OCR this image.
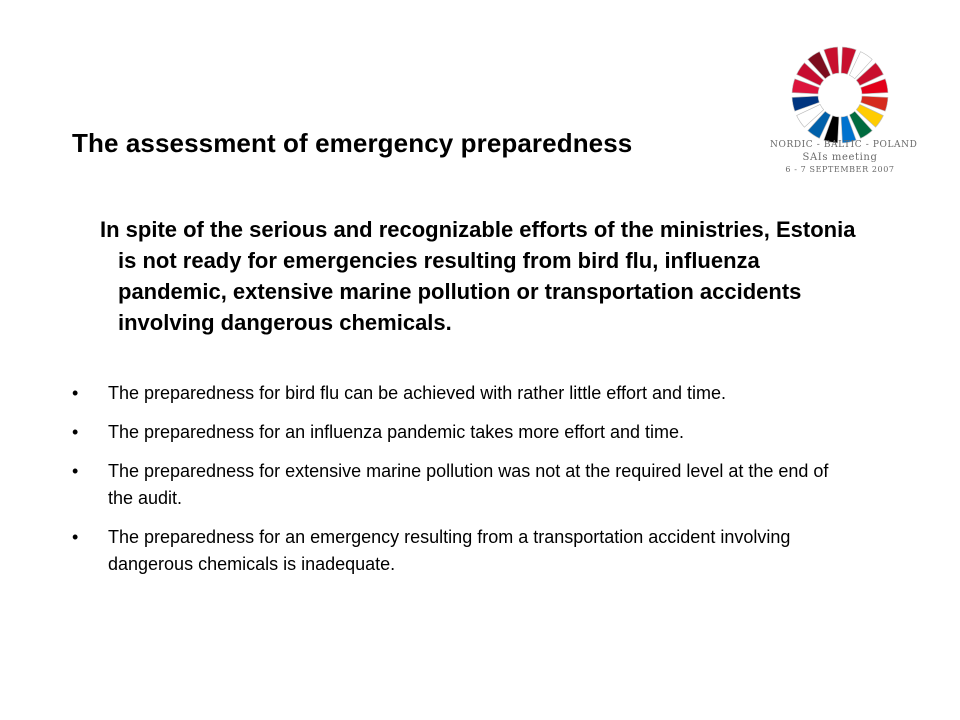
The assessment of emergency preparedness
In spite of the serious and recognizable efforts of the ministries, Estonia is not ready for emergencies resulting from bird flu, influenza pandemic, extensive marine pollution or transportation accidents involving dangerous chemicals.
• The preparedness for bird flu can be achieved with rather little effort and time.
• The preparedness for an influenza pandemic takes more effort and time.
• The preparedness for extensive marine pollution was not at the required level at the end of the audit.
• The preparedness for an emergency resulting from a transportation accident involving dangerous chemicals is inadequate.
NORDIC - BALTIC - POLAND
SAIs meeting
6 - 7 SEPTEMBER 2007
